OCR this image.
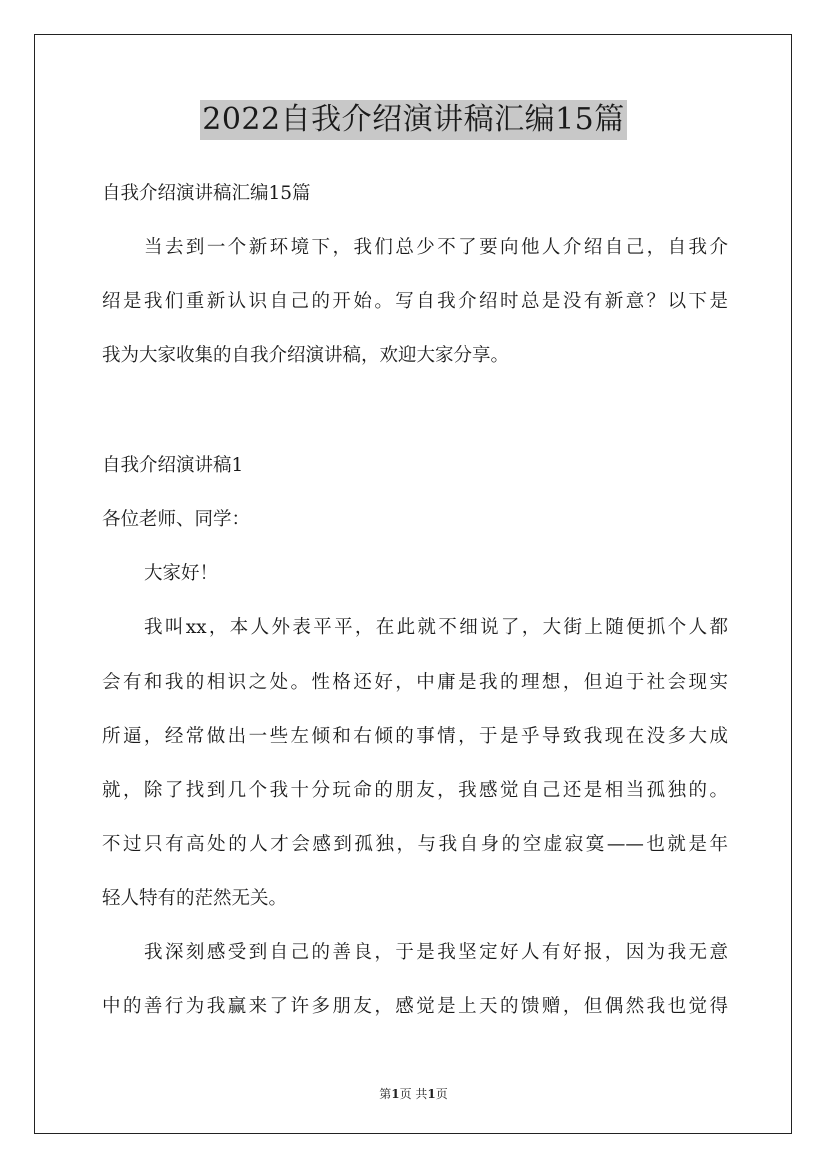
2022自我介绍演讲稿汇编15篇
自我介绍演讲稿汇编15篇
当去到一个新环境下，我们总少不了要向他人介绍自己，自我介
绍是我们重新认识自己的开始。写自我介绍时总是没有新意？以下是
我为大家收集的自我介绍演讲稿，欢迎大家分享。
自我介绍演讲稿1
各位老师、同学：
大家好！
我叫xx，本人外表平平，在此就不细说了，大街上随便抓个人都
会有和我的相识之处。性格还好，中庸是我的理想，但迫于社会现实
所逼，经常做出一些左倾和右倾的事情，于是乎导致我现在没多大成
就，除了找到几个我十分玩命的朋友，我感觉自己还是相当孤独的。
不过只有高处的人才会感到孤独，与我自身的空虚寂寞——也就是年
轻人特有的茫然无关。
我深刻感受到自己的善良，于是我坚定好人有好报，因为我无意
中的善行为我赢来了许多朋友，感觉是上天的馈赠，但偶然我也觉得
第1页 共1页
